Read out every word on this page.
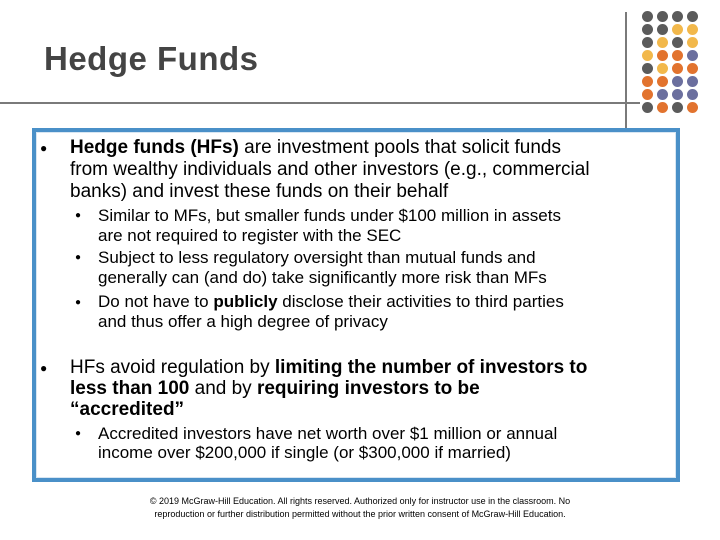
Hedge Funds
● Hedge funds (HFs) are investment pools that solicit funds
from wealthy individuals and other investors (e.g., commercial
banks) and invest these funds on their behalf
● Similar to MFs, but smaller funds under $100 million in assets
are not required to register with the SEC
● Subject to less regulatory oversight than mutual funds and
generally can (and do) take significantly more risk than MFs
● Do not have to publicly disclose their activities to third parties
and thus offer a high degree of privacy
● HFs avoid regulation by limiting the number of investors to
less than 100 and by requiring investors to be
“accredited”
● Accredited investors have net worth over $1 million or annual
income over $200,000 if single (or $300,000 if married)
© 2019 McGraw-Hill Education. All rights reserved. Authorized only for instructor use in the classroom. No
reproduction or further distribution permitted without the prior written consent of McGraw-Hill Education.
